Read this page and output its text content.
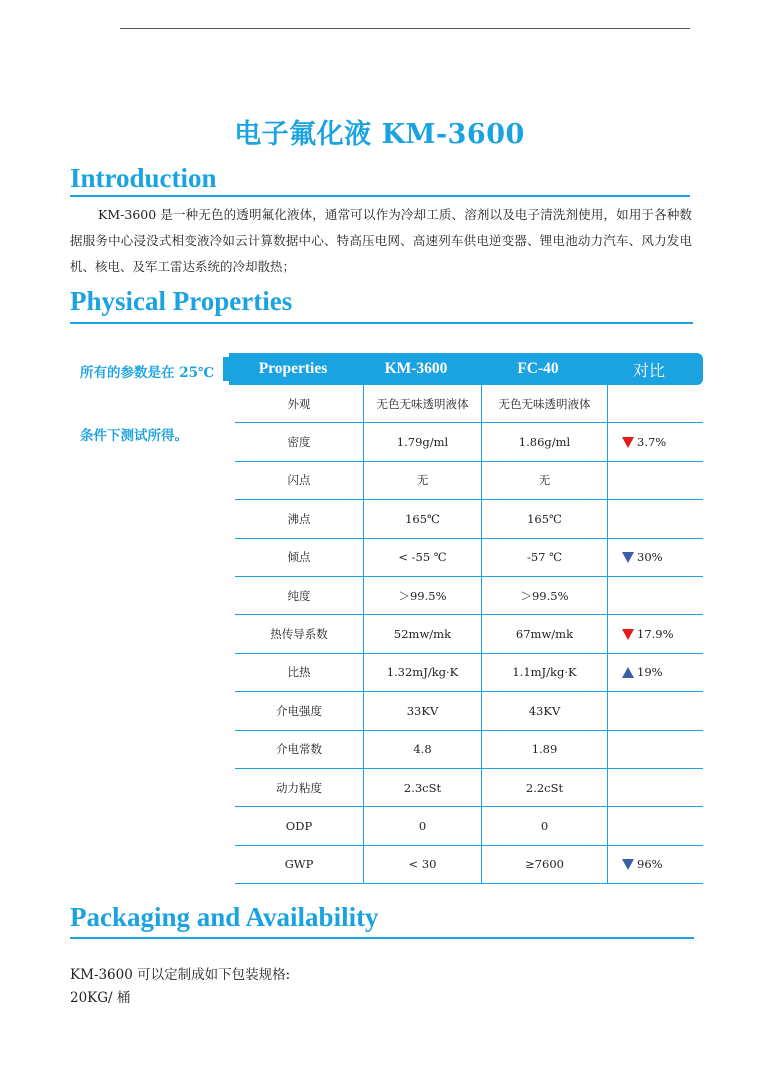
电子氟化液 KM-3600
Introduction
KM-3600 是一种无色的透明氟化液体，通常可以作为冷却工质、溶剂以及电子清洗剂使用，如用于各种数据服务中心浸没式相变液冷如云计算数据中心、特高压电网、高速列车供电逆变器、锂电池动力汽车、风力发电机、核电、及军工雷达系统的冷却散热；
Physical Properties
所有的参数是在 25℃
条件下测试所得。
Properties	KM-3600	FC-40	对比
外观	无色无味透明液体	无色无味透明液体
密度	1.79g/ml	1.86g/ml	3.7%
闪点	无	无
沸点	165℃	165℃
倾点	< -55 ℃	-57 ℃	30%
纯度	＞99.5%	＞99.5%
热传导系数	52mw/mk	67mw/mk	17.9%
比热	1.32mJ/kg·K	1.1mJ/kg·K	19%
介电强度	33KV	43KV
介电常数	4.8	1.89
动力粘度	2.3cSt	2.2cSt
ODP	0	0
GWP	< 30	≥7600	96%
Packaging and Availability
KM-3600 可以定制成如下包装规格:
20KG/ 桶
